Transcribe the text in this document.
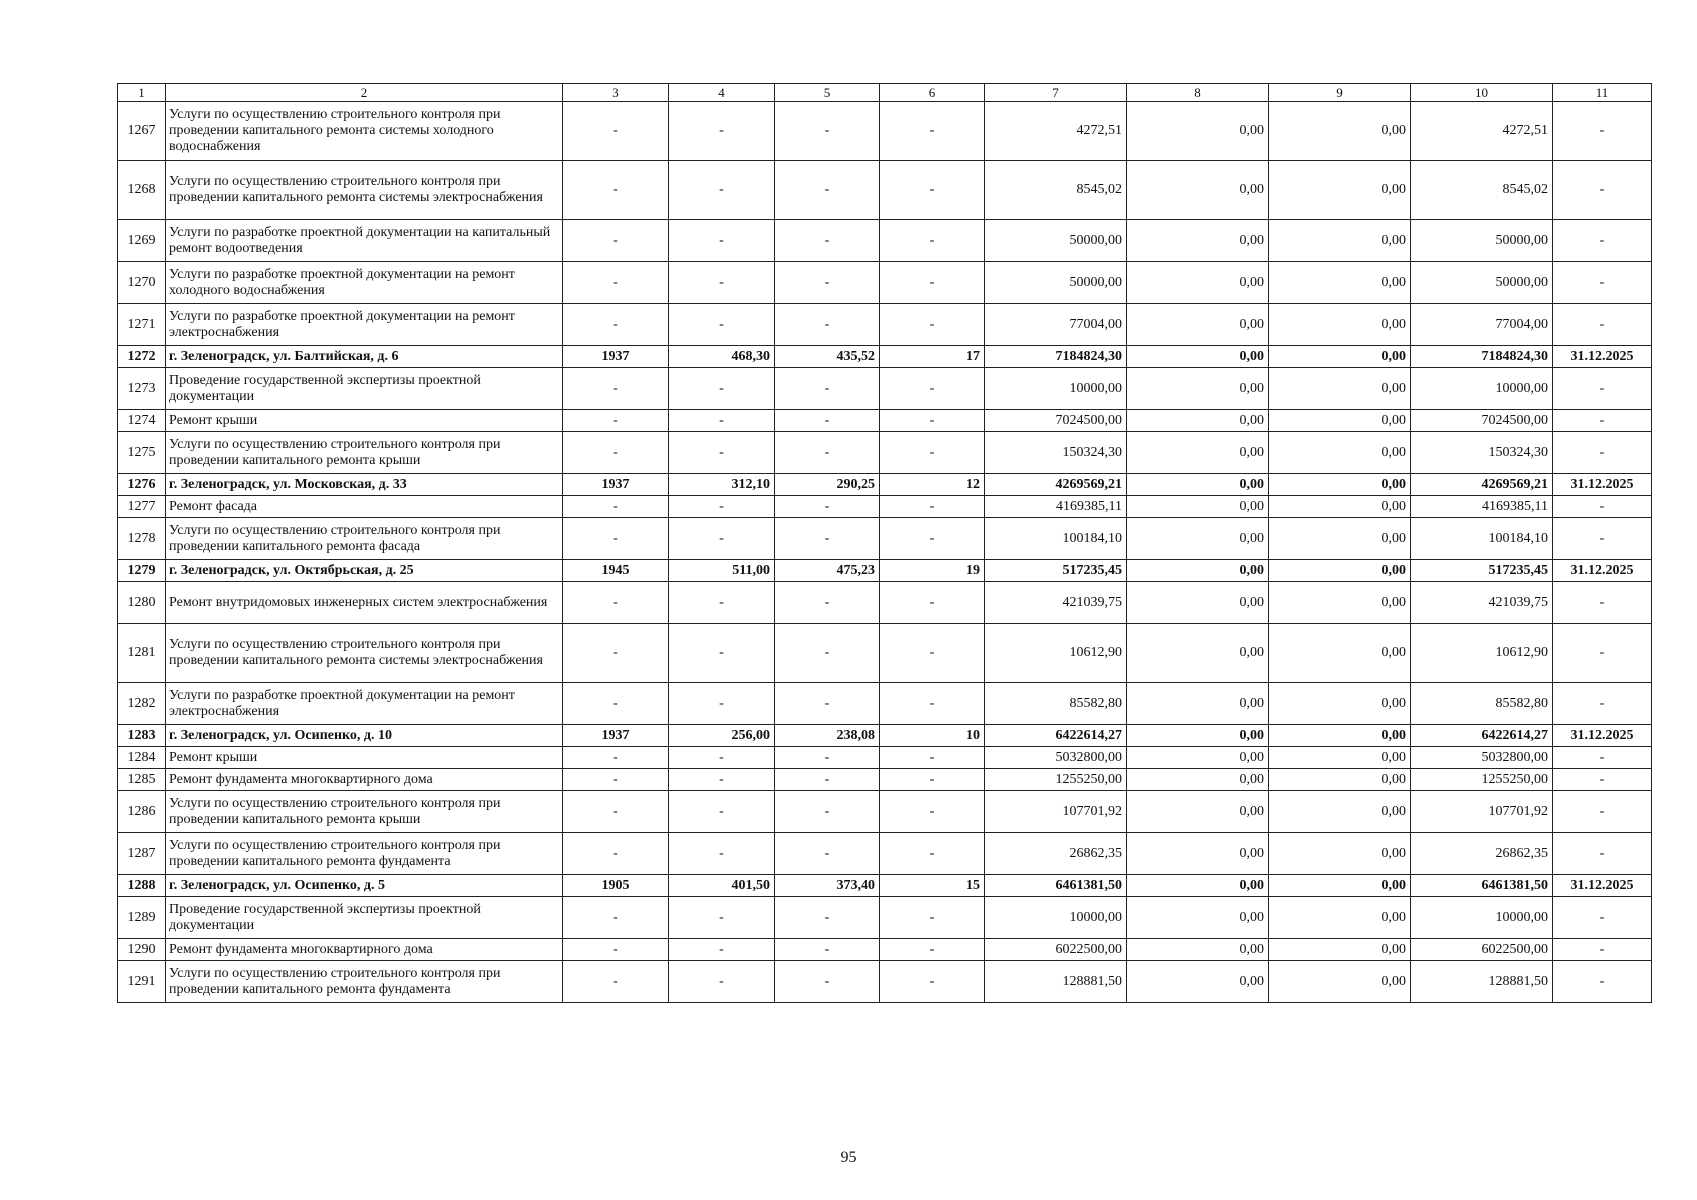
1	2	3	4	5	6	7	8	9	10	11
1267	Услуги по осуществлению строительного контроля при проведении капитального ремонта системы холодного водоснабжения	-	-	-	-	4272,51	0,00	0,00	4272,51	-
1268	Услуги по осуществлению строительного контроля при проведении капитального ремонта системы электроснабжения	-	-	-	-	8545,02	0,00	0,00	8545,02	-
1269	Услуги по разработке проектной документации на капитальный ремонт водоотведения	-	-	-	-	50000,00	0,00	0,00	50000,00	-
1270	Услуги по разработке проектной документации на ремонт холодного водоснабжения	-	-	-	-	50000,00	0,00	0,00	50000,00	-
1271	Услуги по разработке проектной документации на ремонт электроснабжения	-	-	-	-	77004,00	0,00	0,00	77004,00	-
1272	г. Зеленоградск, ул. Балтийская, д. 6	1937	468,30	435,52	17	7184824,30	0,00	0,00	7184824,30	31.12.2025
1273	Проведение государственной экспертизы проектной документации	-	-	-	-	10000,00	0,00	0,00	10000,00	-
1274	Ремонт крыши	-	-	-	-	7024500,00	0,00	0,00	7024500,00	-
1275	Услуги по осуществлению строительного контроля при проведении капитального ремонта крыши	-	-	-	-	150324,30	0,00	0,00	150324,30	-
1276	г. Зеленоградск, ул. Московская, д. 33	1937	312,10	290,25	12	4269569,21	0,00	0,00	4269569,21	31.12.2025
1277	Ремонт фасада	-	-	-	-	4169385,11	0,00	0,00	4169385,11	-
1278	Услуги по осуществлению строительного контроля при проведении капитального ремонта фасада	-	-	-	-	100184,10	0,00	0,00	100184,10	-
1279	г. Зеленоградск, ул. Октябрьская, д. 25	1945	511,00	475,23	19	517235,45	0,00	0,00	517235,45	31.12.2025
1280	Ремонт внутридомовых инженерных систем электроснабжения	-	-	-	-	421039,75	0,00	0,00	421039,75	-
1281	Услуги по осуществлению строительного контроля при проведении капитального ремонта системы электроснабжения	-	-	-	-	10612,90	0,00	0,00	10612,90	-
1282	Услуги по разработке проектной документации на ремонт электроснабжения	-	-	-	-	85582,80	0,00	0,00	85582,80	-
1283	г. Зеленоградск, ул. Осипенко, д. 10	1937	256,00	238,08	10	6422614,27	0,00	0,00	6422614,27	31.12.2025
1284	Ремонт крыши	-	-	-	-	5032800,00	0,00	0,00	5032800,00	-
1285	Ремонт фундамента многоквартирного дома	-	-	-	-	1255250,00	0,00	0,00	1255250,00	-
1286	Услуги по осуществлению строительного контроля при проведении капитального ремонта крыши	-	-	-	-	107701,92	0,00	0,00	107701,92	-
1287	Услуги по осуществлению строительного контроля при проведении капитального ремонта фундамента	-	-	-	-	26862,35	0,00	0,00	26862,35	-
1288	г. Зеленоградск, ул. Осипенко, д. 5	1905	401,50	373,40	15	6461381,50	0,00	0,00	6461381,50	31.12.2025
1289	Проведение государственной экспертизы проектной документации	-	-	-	-	10000,00	0,00	0,00	10000,00	-
1290	Ремонт фундамента многоквартирного дома	-	-	-	-	6022500,00	0,00	0,00	6022500,00	-
1291	Услуги по осуществлению строительного контроля при проведении капитального ремонта фундамента	-	-	-	-	128881,50	0,00	0,00	128881,50	-
95
